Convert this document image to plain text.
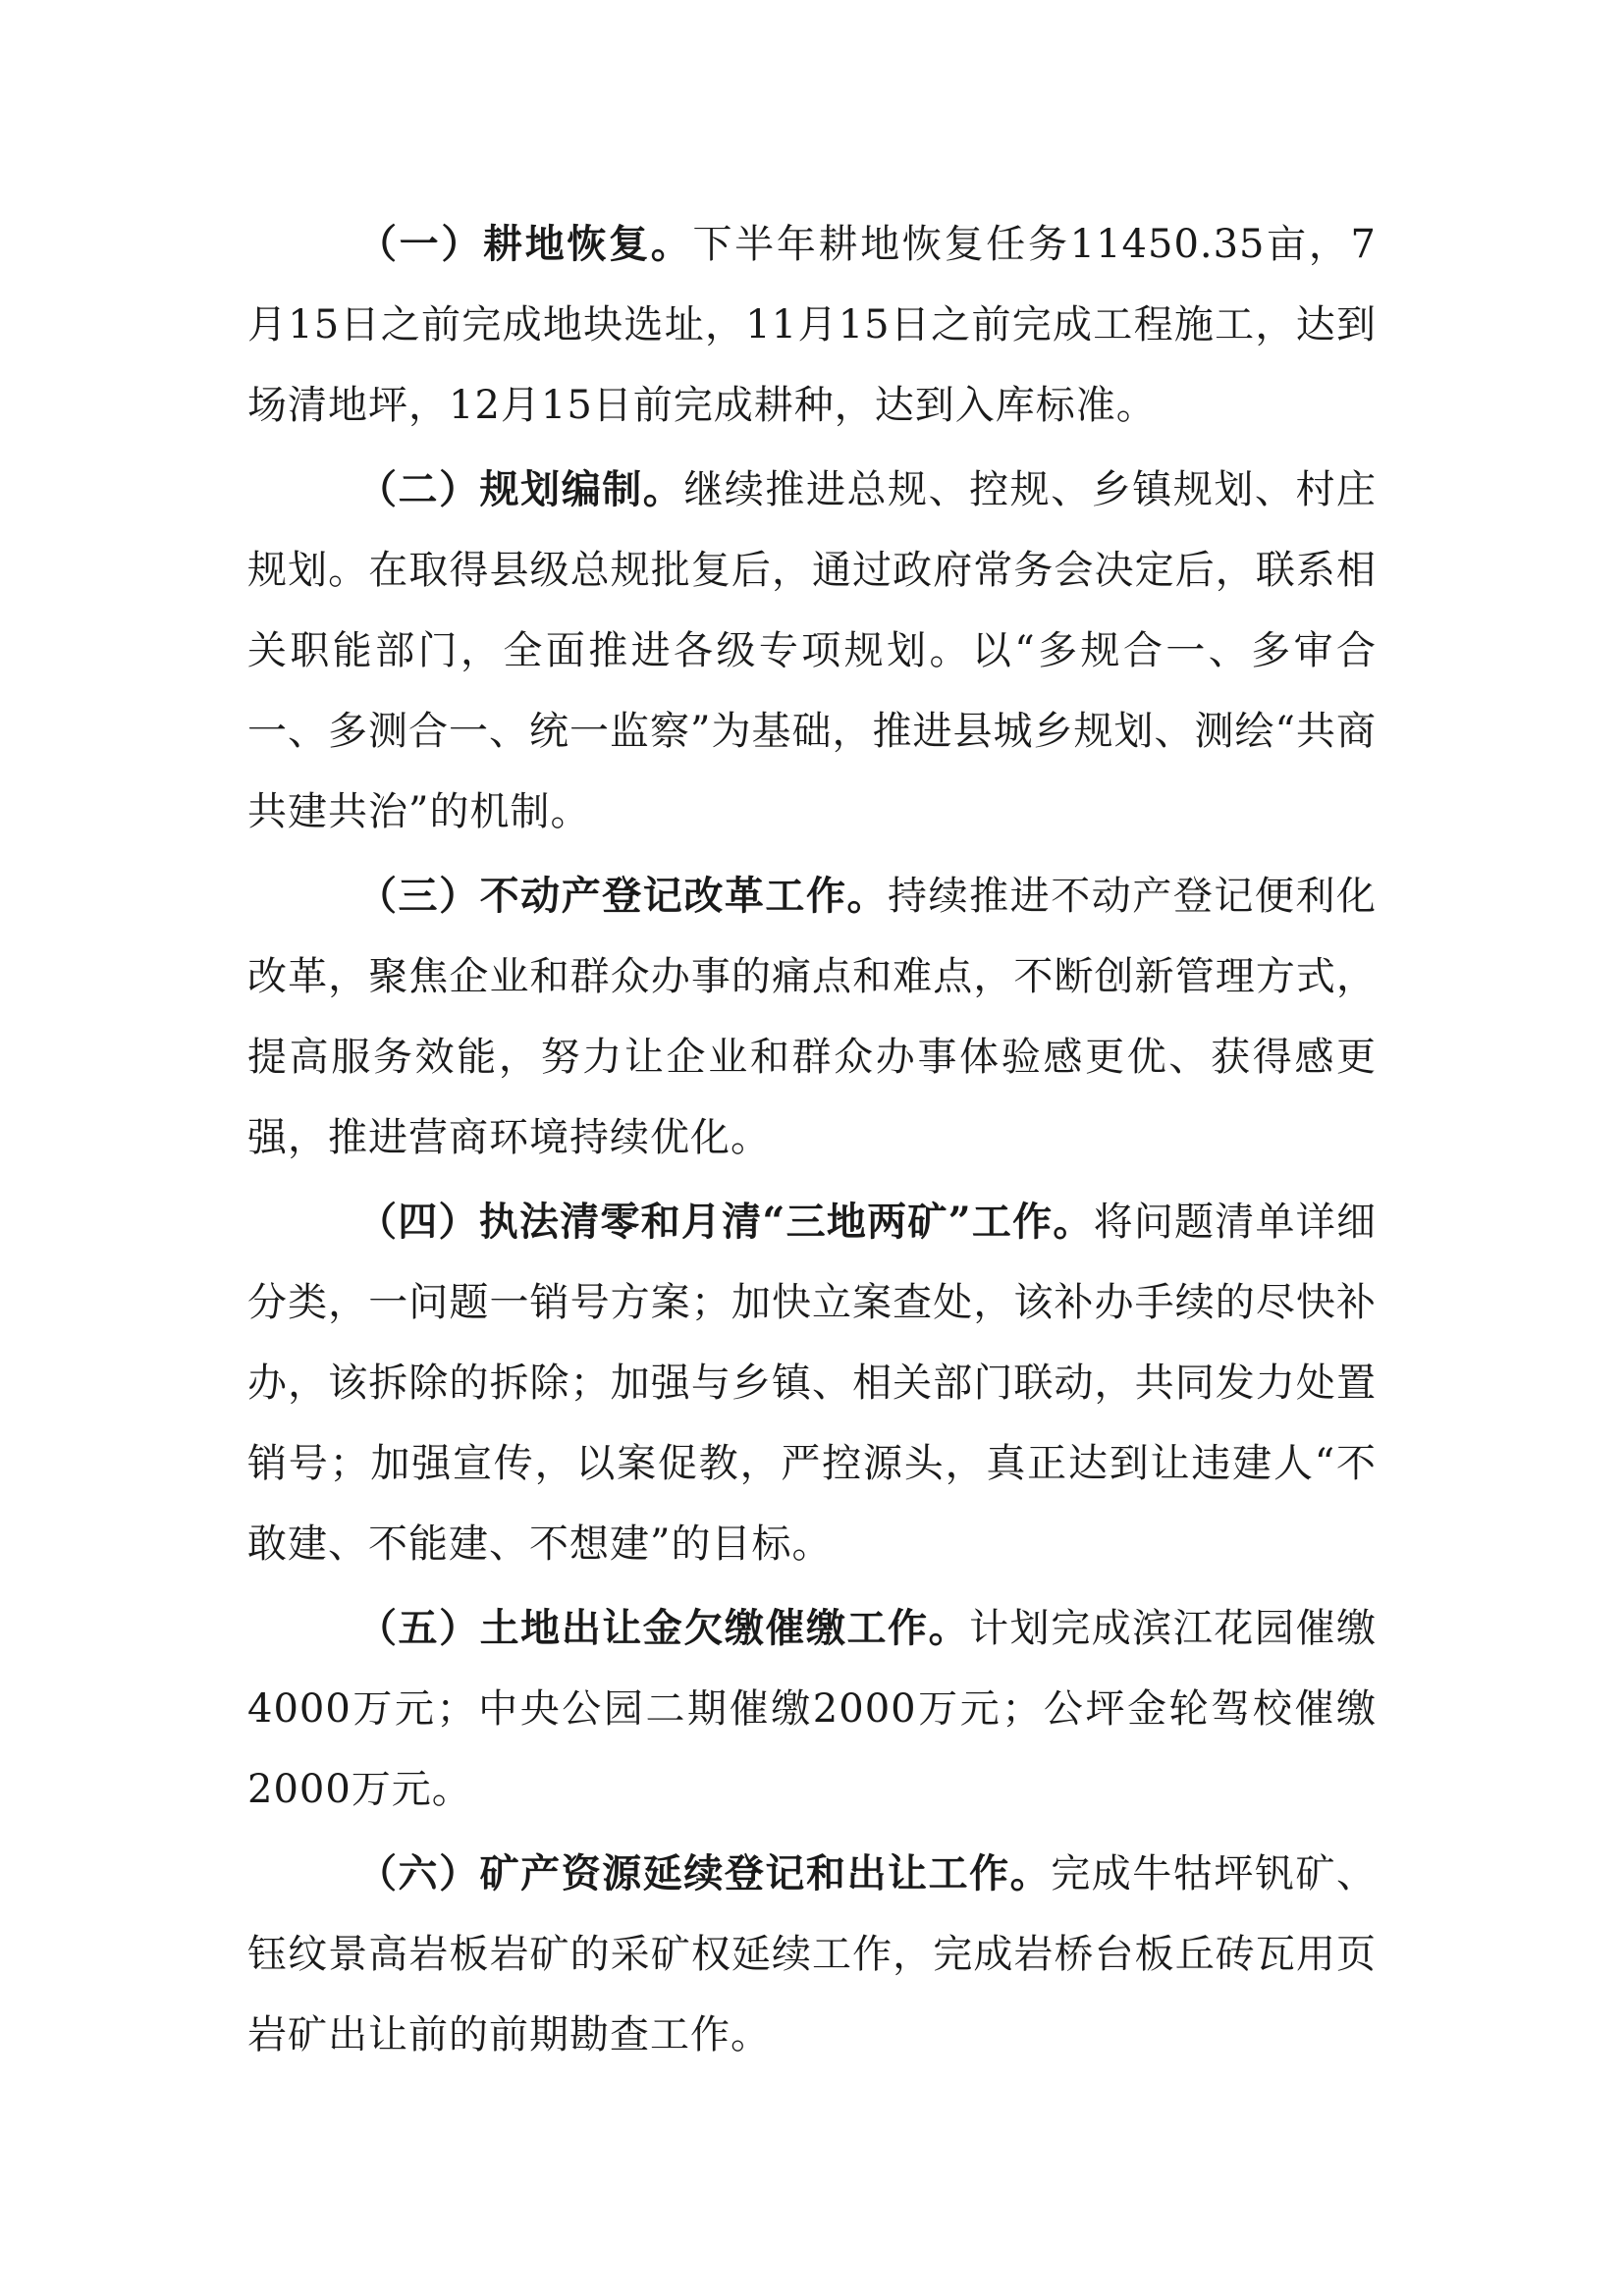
（一）耕地恢复。下半年耕地恢复任务11450.35亩，7月15日之前完成地块选址，11月15日之前完成工程施工，达到场清地坪，12月15日前完成耕种，达到入库标准。

（二）规划编制。继续推进总规、控规、乡镇规划、村庄规划。在取得县级总规批复后，通过政府常务会决定后，联系相关职能部门，全面推进各级专项规划。以“多规合一、多审合一、多测合一、统一监察”为基础，推进县城乡规划、测绘“共商共建共治”的机制。

（三）不动产登记改革工作。持续推进不动产登记便利化改革，聚焦企业和群众办事的痛点和难点，不断创新管理方式，提高服务效能，努力让企业和群众办事体验感更优、获得感更强，推进营商环境持续优化。

（四）执法清零和月清“三地两矿”工作。将问题清单详细分类，一问题一销号方案；加快立案查处，该补办手续的尽快补办，该拆除的拆除；加强与乡镇、相关部门联动，共同发力处置销号；加强宣传，以案促教，严控源头，真正达到让违建人“不敢建、不能建、不想建”的目标。

（五）土地出让金欠缴催缴工作。计划完成滨江花园催缴4000万元；中央公园二期催缴2000万元；公坪金轮驾校催缴2000万元。

（六）矿产资源延续登记和出让工作。完成牛牯坪钒矿、钰纹景高岩板岩矿的采矿权延续工作，完成岩桥台板丘砖瓦用页岩矿出让前的前期勘查工作。
